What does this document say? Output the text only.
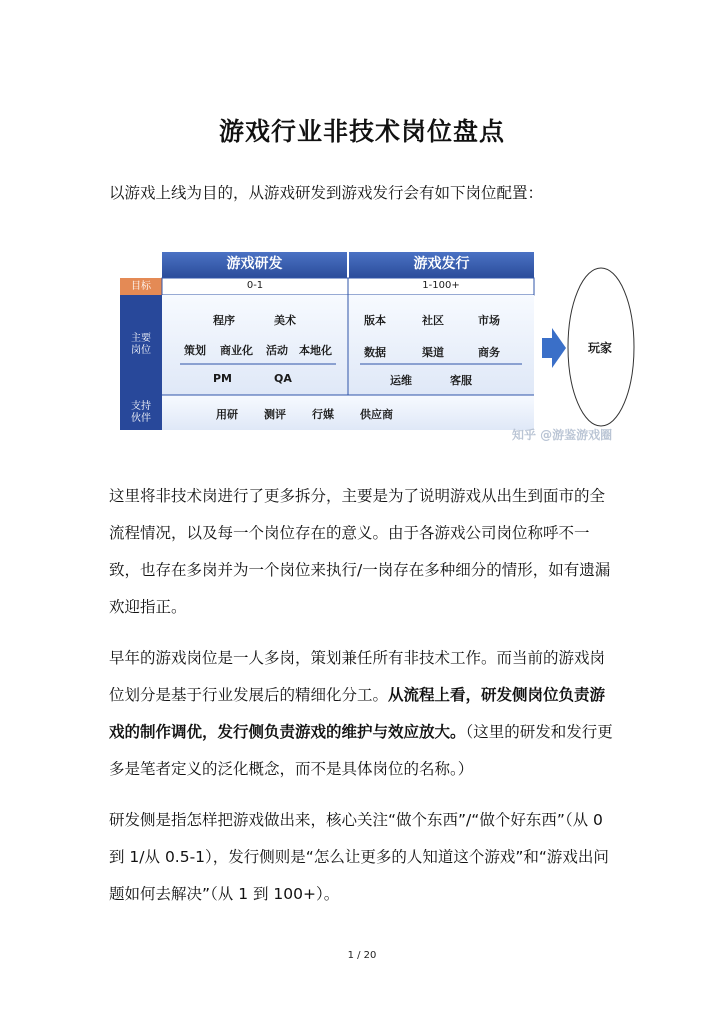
游戏行业非技术岗位盘点
以游戏上线为目的，从游戏研发到游戏发行会有如下岗位配置：
游戏研发	游戏发行
目标	0-1	1-100+
主要
岗位
支持
伙伴
程序	美术
策划 商业化 活动 本地化
PM	QA
版本	社区	市场
数据	渠道	商务
运维	客服
用研 测评 行媒 供应商
玩家
知乎 @游鉴游戏圈

这里将非技术岗进行了更多拆分，主要是为了说明游戏从出生到面市的全流程情况，以及每一个岗位存在的意义。由于各游戏公司岗位称呼不一致，也存在多岗并为一个岗位来执行/一岗存在多种细分的情形，如有遗漏欢迎指正。

早年的游戏岗位是一人多岗，策划兼任所有非技术工作。而当前的游戏岗位划分是基于行业发展后的精细化分工。从流程上看，研发侧岗位负责游戏的制作调优，发行侧负责游戏的维护与效应放大。（这里的研发和发行更多是笔者定义的泛化概念，而不是具体岗位的名称。）

研发侧是指怎样把游戏做出来，核心关注“做个东西”/“做个好东西”（从 0 到 1/从 0.5-1），发行侧则是“怎么让更多的人知道这个游戏”和“游戏出问题如何去解决”（从 1 到 100+）。

1 / 20
